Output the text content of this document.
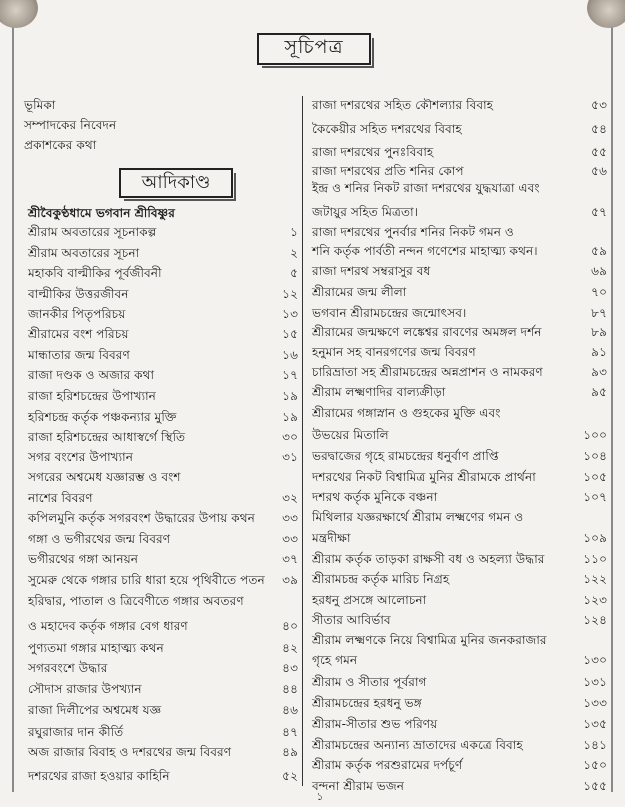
সূচিপত্র
ভূমিকা
সম্পাদকের নিবেদন
প্রকাশকের কথা
আদিকাণ্ড
শ্রীবৈকুণ্ঠধামে ভগবান শ্রীবিষ্ণুর
শ্রীরাম অবতারের সূচনাকল্প	১
শ্রীরাম অবতারের সূচনা	২
মহাকবি বাল্মীকির পূর্বজীবনী	৫
বাল্মীকির উত্তরজীবন	১২
জানকীর পিতৃপরিচয়	১৩
শ্রীরামের বংশ পরিচয়	১৫
মান্ধাতার জন্ম বিবরণ	১৬
রাজা দণ্ডক ও অজার কথা	১৭
রাজা হরিশচন্দ্রের উপাখ্যান	১৯
হরিশচন্দ্র কর্তৃক পঞ্চকন্যার মুক্তি	১৯
রাজা হরিশচন্দ্রের আধাস্বর্গে স্থিতি	৩০
সগর বংশের উপাখ্যান	৩১
সগরের অশ্বমেধ যজ্ঞারম্ভ ও বংশ
নাশের বিবরণ	৩২
কপিলমুনি কর্তৃক সগরবংশ উদ্ধারের উপায় কথন ৩৩
গঙ্গা ও ভগীরথের জন্ম বিবরণ	৩৩
ভগীরথের গঙ্গা আনয়ন	৩৭
সুমেরু থেকে গঙ্গার চারি ধারা হয়ে পৃথিবীতে পতন ৩৯
হরিদ্বার, পাতাল ও ত্রিবেণীতে গঙ্গার অবতরণ
ও মহাদেব কর্তৃক গঙ্গার বেগ ধারণ	৪০
পুণ্যতমা গঙ্গার মাহাত্ম্য কথন	৪২
সগরবংশে উদ্ধার	৪৩
সৌদাস রাজার উপখ্যান	৪৪
রাজা দিলীপের অশ্বমেধ যজ্ঞ	৪৬
রঘুরাজার দান কীর্তি	৪৭
অজ রাজার বিবাহ ও দশরথের জন্ম বিবরণ	৪৯
দশরথের রাজা হওয়ার কাহিনি	৫২
রাজা দশরথের সহিত কৌশল্যার বিবাহ	৫৩
কৈকেয়ীর সহিত দশরথের বিবাহ	৫৪
রাজা দশরথের পুনঃবিবাহ	৫৫
রাজা দশরথের প্রতি শনির কোপ	৫৬
ইন্দ্র ও শনির নিকট রাজা দশরথের যুদ্ধযাত্রা এবং
জটায়ুর সহিত মিত্রতা।	৫৭
রাজা দশরথের পুনর্বার শনির নিকট গমন ও
শনি কর্তৃক পার্বতী নন্দন গণেশের মাহাত্ম্য কথন।	৫৯
রাজা দশরথ সম্বরাসুর বধ	৬৯
শ্রীরামের জন্ম লীলা	৭০
ভগবান শ্রীরামচন্দ্রের জন্মোৎসব।	৮৭
শ্রীরামের জন্মক্ষণে লঙ্কেশ্বর রাবণের অমঙ্গল দর্শন	৮৯
হনুমান সহ বানরগণের জন্ম বিবরণ	৯১
চারিভ্রাতা সহ শ্রীরামচন্দ্রের অন্নপ্রাশন ও নামকরণ	৯৩
শ্রীরাম লক্ষ্মণাদির বাল্যক্রীড়া	৯৫
শ্রীরামের গঙ্গাস্নান ও গুহকের মুক্তি এবং
উভয়ের মিতালি	১০০
ভরদ্বাজের গৃহে রামচন্দ্রের ধনুর্বাণ প্রাপ্তি	১০৪
দশরথের নিকট বিশ্বামিত্র মুনির শ্রীরামকে প্রার্থনা	১০৫
দশরথ কর্তৃক মুনিকে বঞ্চনা	১০৭
মিথিলার যজ্ঞরক্ষার্থে শ্রীরাম লক্ষ্মণের গমন ও
মন্ত্রদীক্ষা	১০৯
শ্রীরাম কর্তৃক তাড়কা রাক্ষসী বধ ও অহল্যা উদ্ধার	১১০
শ্রীরামচন্দ্র কর্তৃক মারিচ নিগ্রহ	১২২
হরধনু প্রসঙ্গে আলোচনা	১২৩
সীতার আবির্ভাব	১২৪
শ্রীরাম লক্ষ্মণকে নিয়ে বিশ্বামিত্র মুনির জনকরাজার
গৃহে গমন	১৩০
শ্রীরাম ও সীতার পূর্বরাগ	১৩১
শ্রীরামচন্দ্রের হরধনু ভঙ্গ	১৩৩
শ্রীরাম-সীতার শুভ পরিণয়	১৩৫
শ্রীরামচন্দ্রের অন্যান্য ভ্রাতাদের একত্রে বিবাহ	১৪১
শ্রীরাম কর্তৃক পরশুরামের দর্পচূর্ণ	১৫০
বন্দনা শ্রীরাম ভজন	১৫৫
১
